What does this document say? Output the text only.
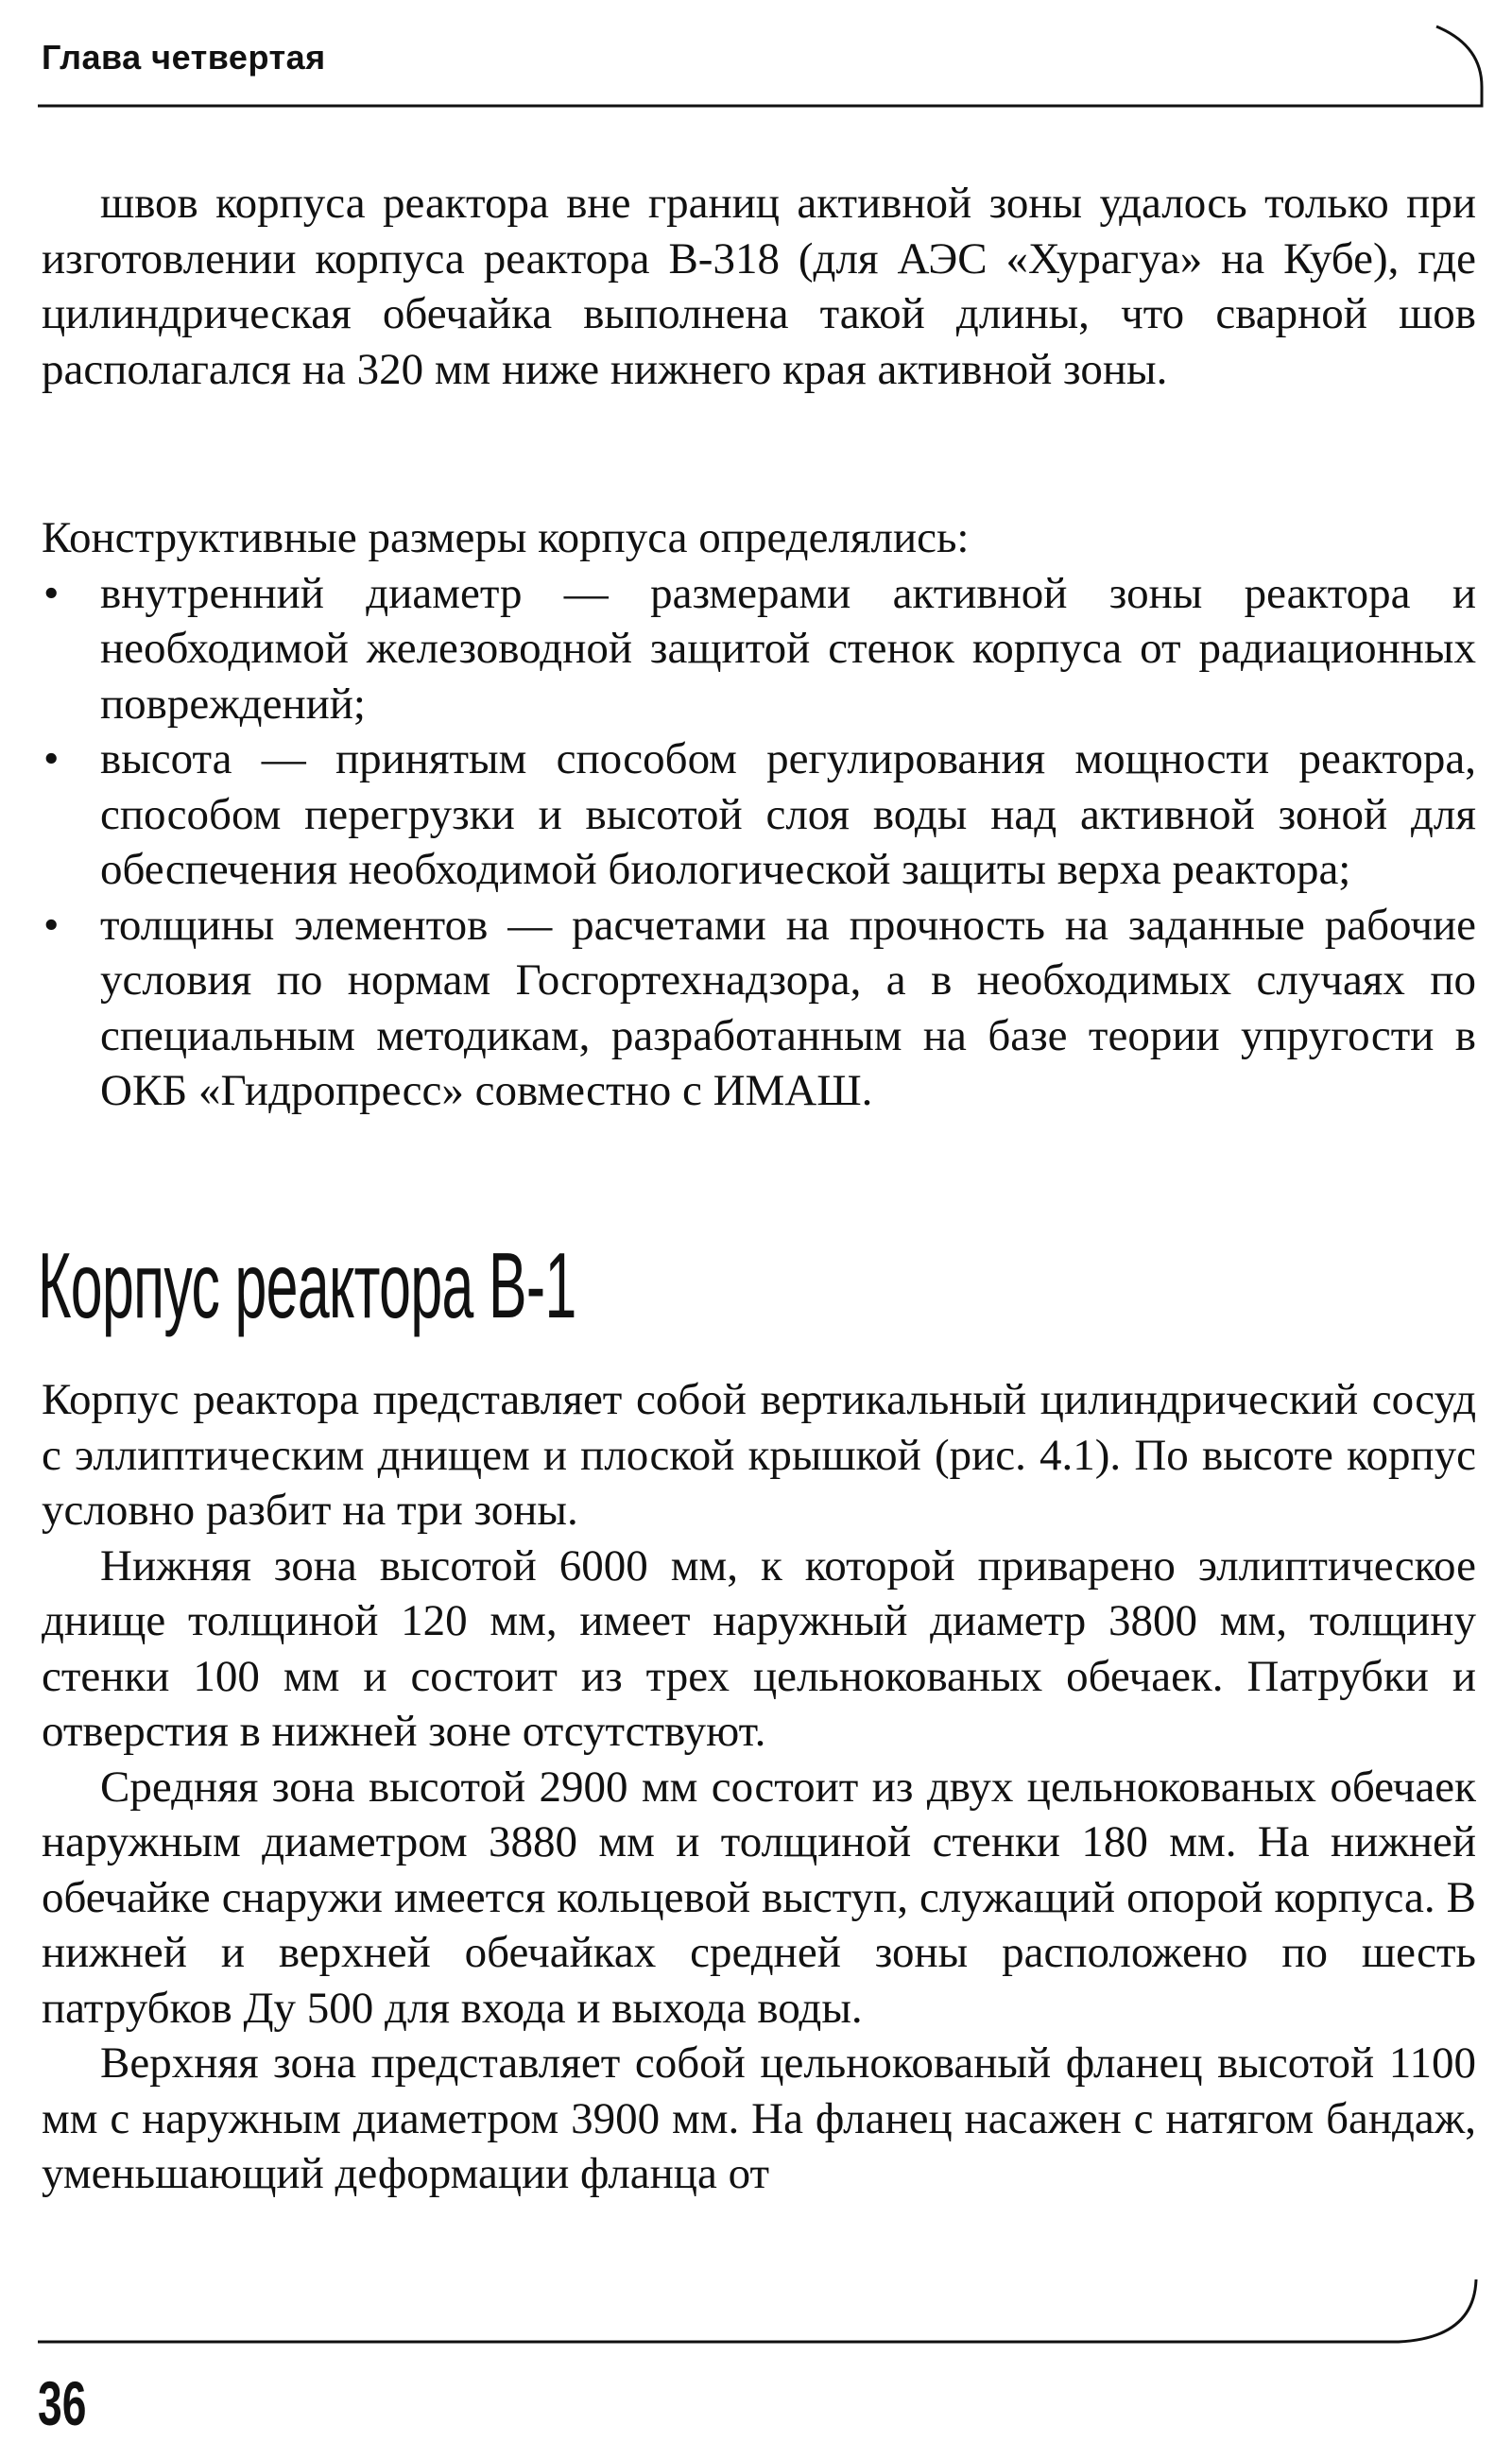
Глава четвертая

швов корпуса реактора вне границ активной зоны удалось только при изготовлении корпуса реактора В-318 (для АЭС «Хурагуа» на Кубе), где цилиндрическая обечайка выполнена такой длины, что сварной шов располагался на 320 мм ниже нижнего края активной зоны.

Конструктивные размеры корпуса определялись:

• внутренний диаметр — размерами активной зоны реактора и необходимой железоводной защитой стенок корпуса от радиационных повреждений;
• высота — принятым способом регулирования мощности реактора, способом перегрузки и высотой слоя воды над активной зоной для обеспечения необходимой биологической защиты верха реактора;
• толщины элементов — расчетами на прочность на заданные рабочие условия по нормам Госгортехнадзора, а в необходимых случаях по специальным методикам, разработанным на базе теории упругости в ОКБ «Гидропресс» совместно с ИМАШ.
Корпус реактора В-1

Корпус реактора представляет собой вертикальный цилиндрический сосуд с эллиптическим днищем и плоской крышкой (рис. 4.1). По высоте корпус условно разбит на три зоны.

Нижняя зона высотой 6000 мм, к которой приварено эллиптическое днище толщиной 120 мм, имеет наружный диаметр 3800 мм, толщину стенки 100 мм и состоит из трех цельнокованых обечаек. Патрубки и отверстия в нижней зоне отсутствуют.

Средняя зона высотой 2900 мм состоит из двух цельнокованых обечаек наружным диаметром 3880 мм и толщиной стенки 180 мм. На нижней обечайке снаружи имеется кольцевой выступ, служащий опорой корпуса. В нижней и верхней обечайках средней зоны расположено по шесть патрубков Ду 500 для входа и выхода воды.

Верхняя зона представляет собой цельнокованый фланец высотой 1100 мм с наружным диаметром 3900 мм. На фланец насажен с натягом бандаж, уменьшающий деформации фланца от

36
